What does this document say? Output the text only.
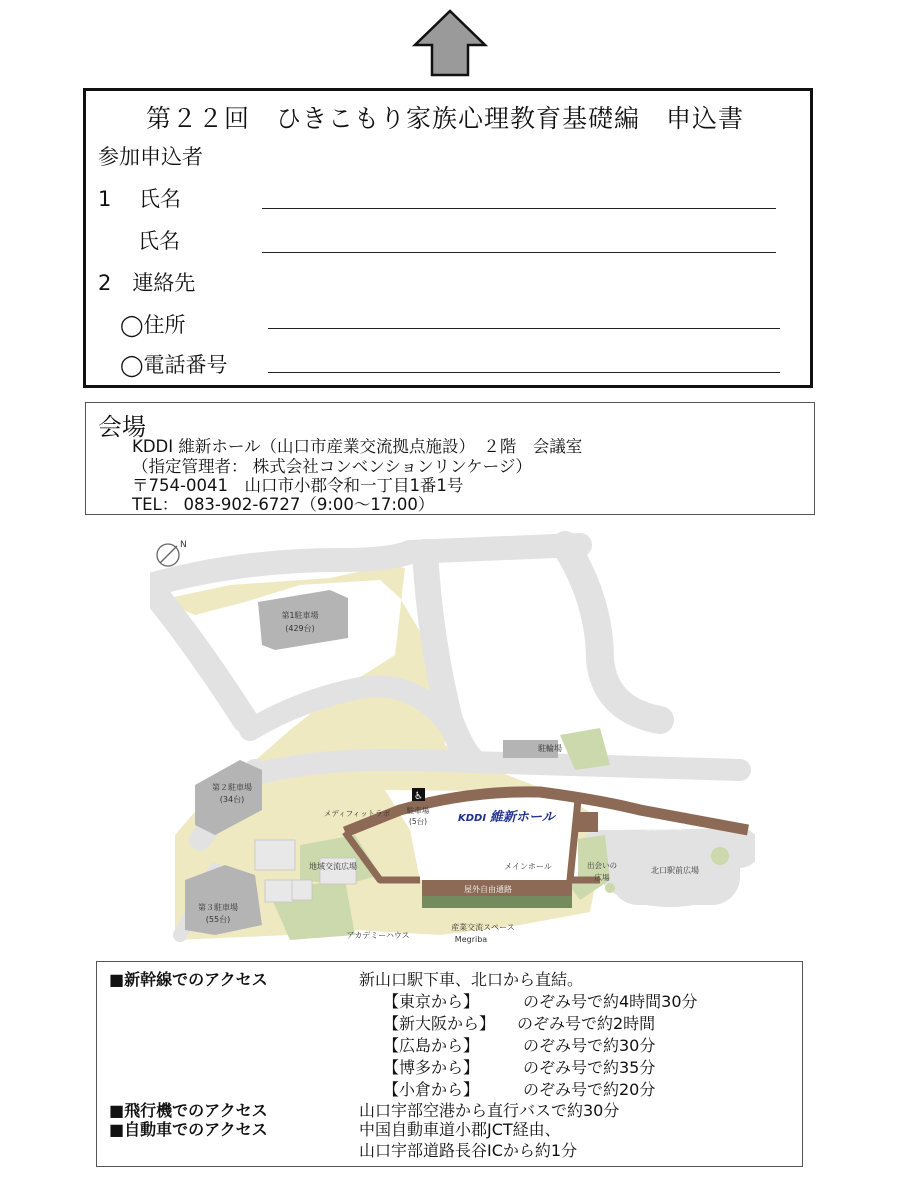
第２２回　ひきこもり家族心理教育基礎編　申込書
参加申込者
1　 氏名
氏名
2　連絡先
◯住所
◯電話番号
会場
KDDI 維新ホール（山口市産業交流拠点施設）　２階　会議室
（指定管理者： 株式会社コンベンションリンケージ）
〒754-0041　山口市小郡令和一丁目1番1号
TEL： 083-902-6727（9:00～17:00）
♿
N
第1駐車場
(429台)
第２駐車場
(34台)
第３駐車場
(55台)
駐輪場
メディフィットラボ 駐車場
(5台)
地域交流広場	メインホール	出会いの
広場
北口駅前広場
屋外自由通路
アカデミーハウス
産業交流スペース
Megriba
至新山口駅
KDDI 維新ホール
■新幹線でのアクセス	新山口駅下車、北口から直結。
【東京から】	のぞみ号で約4時間30分
【新大阪から】 のぞみ号で約2時間
【広島から】	のぞみ号で約30分
【博多から】	のぞみ号で約35分
【小倉から】	のぞみ号で約20分
■飛行機でのアクセス	山口宇部空港から直行バスで約30分
■自動車でのアクセス	中国自動車道小郡JCT経由、
山口宇部道路長谷ICから約1分
